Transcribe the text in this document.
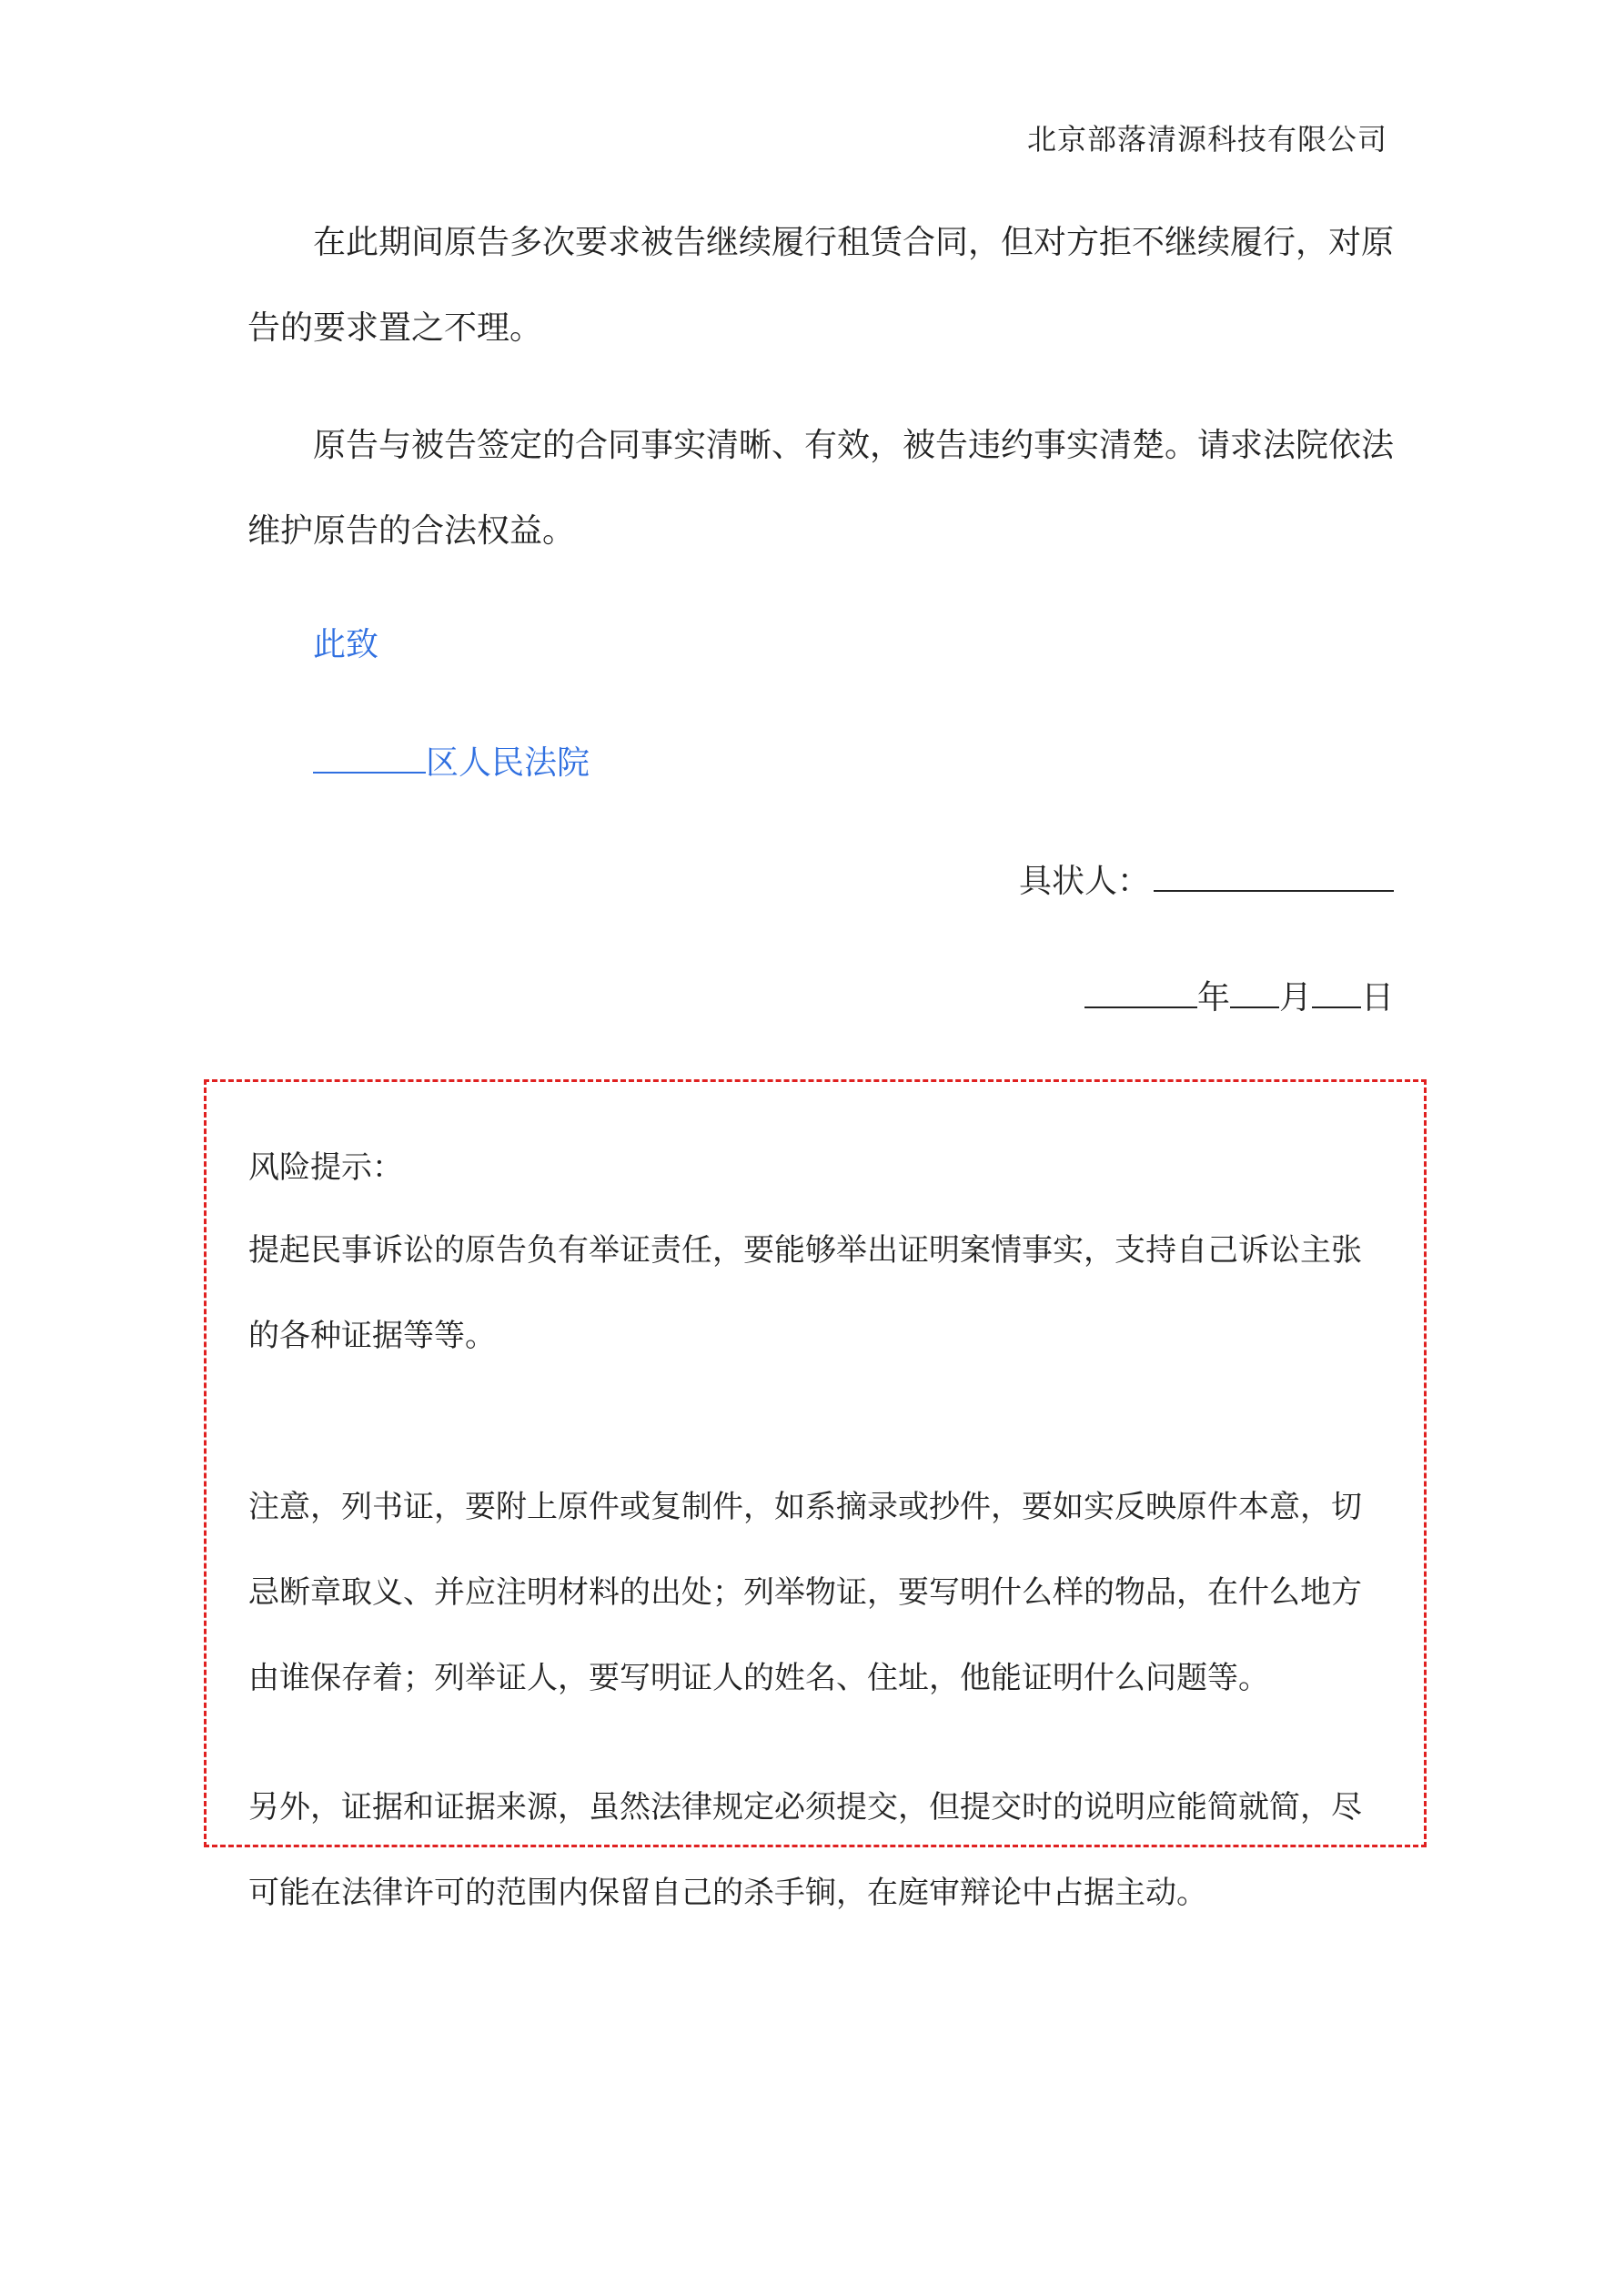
北京部落清源科技有限公司
在此期间原告多次要求被告继续履行租赁合同，但对方拒不继续履行，对原告的要求置之不理。
原告与被告签定的合同事实清晰、有效，被告违约事实清楚。请求法院依法维护原告的合法权益。
此致
区人民法院
具状人：
年 月 日
风险提示：
提起民事诉讼的原告负有举证责任，要能够举出证明案情事实，支持自己诉讼主张的各种证据等等。
注意，列书证，要附上原件或复制件，如系摘录或抄件，要如实反映原件本意，切忌断章取义、并应注明材料的出处；列举物证，要写明什么样的物品，在什么地方由谁保存着；列举证人，要写明证人的姓名、住址，他能证明什么问题等。
另外，证据和证据来源，虽然法律规定必须提交，但提交时的说明应能简就简，尽可能在法律许可的范围内保留自己的杀手锏，在庭审辩论中占据主动。
